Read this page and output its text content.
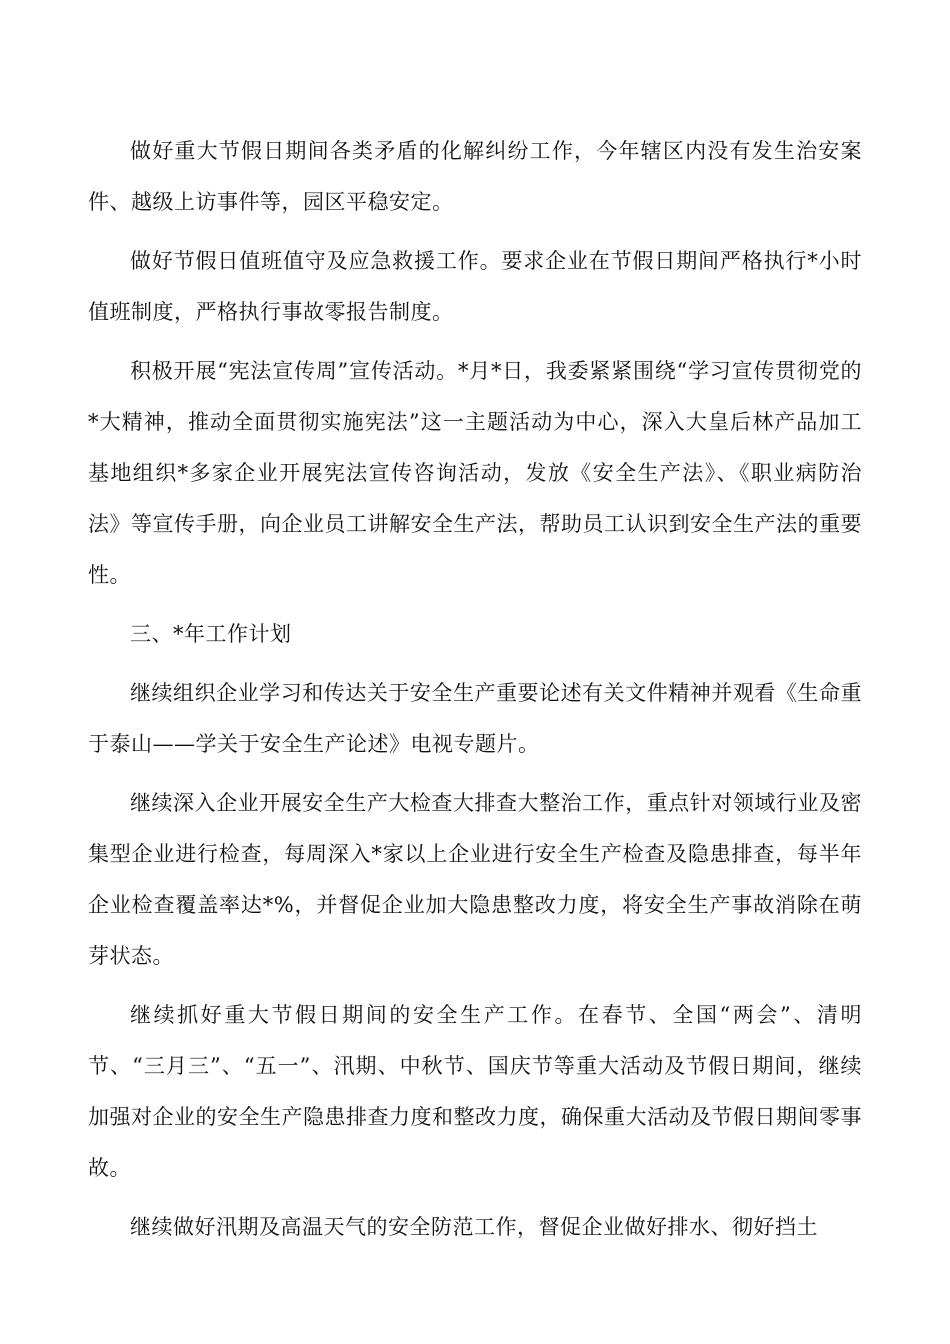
做好重大节假日期间各类矛盾的化解纠纷工作，今年辖区内没有发生治安案件、越级上访事件等，园区平稳安定。

做好节假日值班值守及应急救援工作。要求企业在节假日期间严格执行*小时值班制度，严格执行事故零报告制度。

积极开展“宪法宣传周”宣传活动。*月*日，我委紧紧围绕“学习宣传贯彻党的*大精神，推动全面贯彻实施宪法”这一主题活动为中心，深入大皇后林产品加工基地组织*多家企业开展宪法宣传咨询活动，发放《安全生产法》、《职业病防治法》等宣传手册，向企业员工讲解安全生产法，帮助员工认识到安全生产法的重要性。

三、*年工作计划

继续组织企业学习和传达关于安全生产重要论述有关文件精神并观看《生命重于泰山——学关于安全生产论述》电视专题片。

继续深入企业开展安全生产大检查大排查大整治工作，重点针对领域行业及密集型企业进行检查，每周深入*家以上企业进行安全生产检查及隐患排查，每半年企业检查覆盖率达*%，并督促企业加大隐患整改力度，将安全生产事故消除在萌芽状态。

继续抓好重大节假日期间的安全生产工作。在春节、全国“两会”、清明节、“三月三”、“五一”、汛期、中秋节、国庆节等重大活动及节假日期间，继续加强对企业的安全生产隐患排查力度和整改力度，确保重大活动及节假日期间零事故。

继续做好汛期及高温天气的安全防范工作，督促企业做好排水、彻好挡土
